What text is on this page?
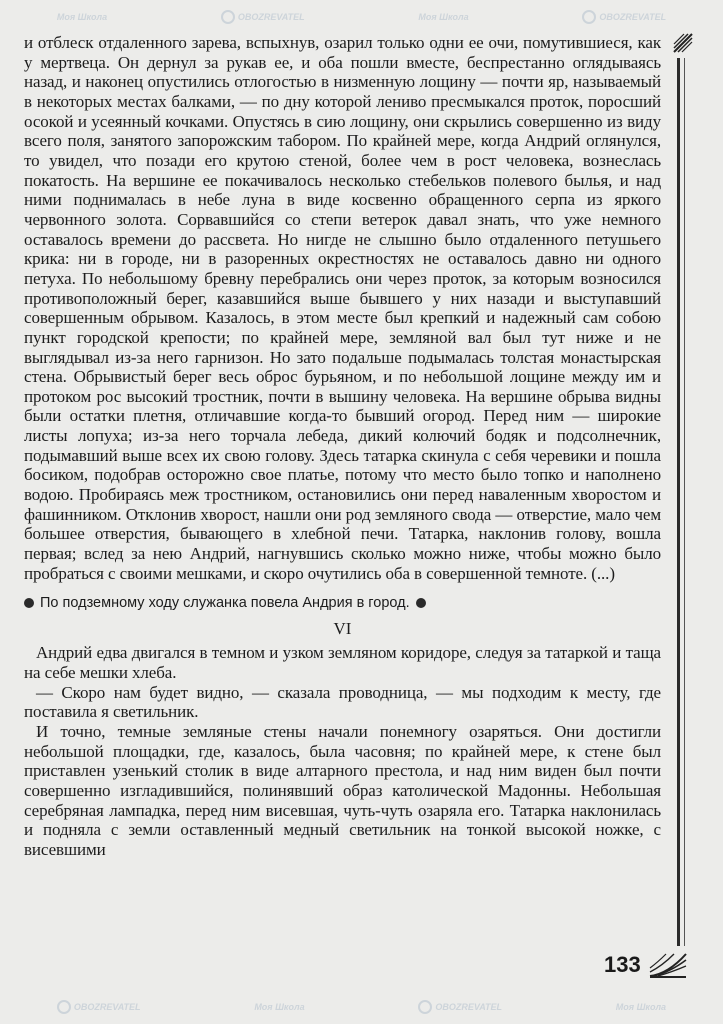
Моя Школа	OBOZREVATEL	Моя Школа	OBOZREVATEL
OBOZREVATEL	Моя Школа	OBOZREVATEL	Моя Школа

и отблеск отдаленного зарева, вспыхнув, озарил только одни ее очи, помутившиеся, как у мертвеца. Он дернул за рукав ее, и оба пошли вместе, беспрестанно оглядываясь назад, и наконец опустились отлогостью в низменную лощину — почти яр, называемый в некоторых местах балками, — по дну которой лениво пресмыкался проток, поросший осокой и усеянный кочками. Опустясь в сию лощину, они скрылись совершенно из виду всего поля, занятого запорожским табором. По крайней мере, когда Андрий оглянулся, то увидел, что позади его крутою стеной, более чем в рост человека, вознеслась покатость. На вершине ее покачивалось несколько стебельков полевого былья, и над ними поднималась в небе луна в виде косвенно обращенного серпа из яркого червонного золота. Сорвавшийся со степи ветерок давал знать, что уже немного оставалось времени до рассвета. Но нигде не слышно было отдаленного петушьего крика: ни в городе, ни в разоренных окрестностях не оставалось давно ни одного петуха. По небольшому бревну перебрались они через проток, за которым возносился противоположный берег, казавшийся выше бывшего у них назади и выступавший совершенным обрывом. Казалось, в этом месте был крепкий и надежный сам собою пункт городской крепости; по крайней мере, земляной вал был тут ниже и не выглядывал из-за него гарнизон. Но зато подальше подымалась толстая монастырская стена. Обрывистый берег весь оброс бурьяном, и по небольшой лощине между им и протоком рос высокий тростник, почти в вышину человека. На вершине обрыва видны были остатки плетня, отличавшие когда-то бывший огород. Перед ним — широкие листы лопуха; из-за него торчала лебеда, дикий колючий бодяк и подсолнечник, подымавший выше всех их свою голову. Здесь татарка скинула с себя черевики и пошла босиком, подобрав осторожно свое платье, потому что место было топко и наполнено водою. Пробираясь меж тростником, остановились они перед наваленным хворостом и фашинником. Отклонив хворост, нашли они род земляного свода — отверстие, мало чем большее отверстия, бывающего в хлебной печи. Татарка, наклонив голову, вошла первая; вслед за нею Андрий, нагнувшись сколько можно ниже, чтобы можно было пробраться с своими мешками, и скоро очутились оба в совершенной темноте. (...)

По подземному ходу служанка повела Андрия в город.
VI

Андрий едва двигался в темном и узком земляном коридоре, следуя за татаркой и таща на себе мешки хлеба.

— Скоро нам будет видно, — сказала проводница, — мы подходим к месту, где поставила я светильник.

И точно, темные земляные стены начали понемногу озаряться. Они достигли небольшой площадки, где, казалось, была часовня; по крайней мере, к стене был приставлен узенький столик в виде алтарного престола, и над ним виден был почти совершенно изгладившийся, полинявший образ католической Мадонны. Небольшая серебряная лампадка, перед ним висевшая, чуть-чуть озаряла его. Татарка наклонилась и подняла с земли оставленный медный светильник на тонкой высокой ножке, с висевшими

133
